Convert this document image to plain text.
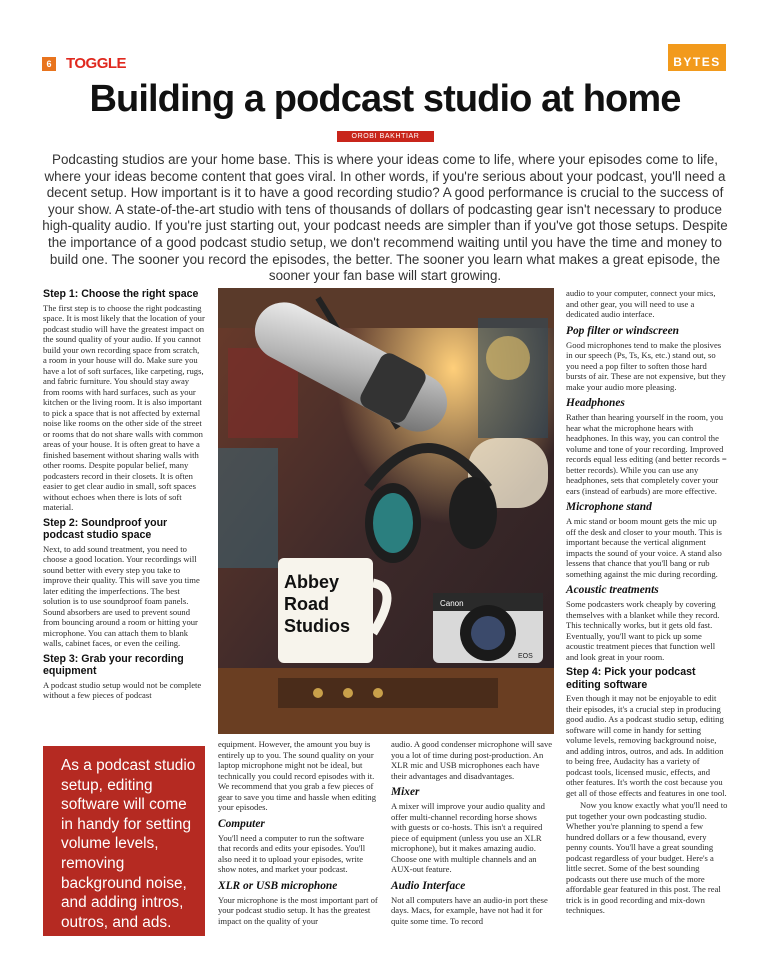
6 TOGGLE	BYTES
Building a podcast studio at home
OROBI BAKHTIAR

Podcasting studios are your home base. This is where your ideas come to life, where your episodes come to life, where your ideas become content that goes viral. In other words, if you're serious about your podcast, you'll need a decent setup. How important is it to have a good recording studio? A good performance is crucial to the success of your show. A state-of-the-art studio with tens of thousands of dollars of podcasting gear isn't necessary to produce high-quality audio. If you're just starting out, your podcast needs are simpler than if you've got those setups. Despite the importance of a good podcast studio setup, we don't recommend waiting until you have the time and money to build one. The sooner you record the episodes, the better. The sooner you learn what makes a great episode, the sooner your fan base will start growing.

Step 1: Choose the right space

The first step is to choose the right podcasting space. It is most likely that the location of your podcast studio will have the greatest impact on the sound quality of your audio. If you cannot build your own recording space from scratch, a room in your house will do. Make sure you have a lot of soft surfaces, like carpeting, rugs, and fabric furniture. You should stay away from rooms with hard surfaces, such as your kitchen or the living room. It is also important to pick a space that is not affected by external noise like rooms on the other side of the street or rooms that do not share walls with common areas of your house. It is often great to have a finished basement without sharing walls with other rooms. Despite popular belief, many podcasters record in their closets. It is often easier to get clear audio in small, soft spaces without echoes when there is lots of soft material.

Step 2: Soundproof your podcast studio space

Next, to add sound treatment, you need to choose a good location. Your recordings will sound better with every step you take to improve their quality. This will save you time later editing the imperfections. The best solution is to use soundproof foam panels. Sound absorbers are used to prevent sound from bouncing around a room or hitting your microphone. You can attach them to blank walls, cabinet faces, or even the ceiling.

Step 3: Grab your recording equipment

A podcast studio setup would not be complete without a few pieces of podcast

Abbey
Road
Studios
Canon
EOS

equipment. However, the amount you buy is entirely up to you. The sound quality on your laptop microphone might not be ideal, but technically you could record episodes with it. We recommend that you grab a few pieces of gear to save you time and hassle when editing your episodes.

Computer

You'll need a computer to run the software that records and edits your episodes. You'll also need it to upload your episodes, write show notes, and market your podcast.

XLR or USB microphone

Your microphone is the most important part of your podcast studio setup. It has the greatest impact on the quality of your

audio. A good condenser microphone will save you a lot of time during post-production. An XLR mic and USB microphones each have their advantages and disadvantages.

Mixer

A mixer will improve your audio quality and offer multi-channel recording horse shows with guests or co-hosts. This isn't a required piece of equipment (unless you use an XLR microphone), but it makes amazing audio. Choose one with multiple channels and an AUX-out feature.

Audio Interface

Not all computers have an audio-in port these days. Macs, for example, have not had it for quite some time. To record

audio to your computer, connect your mics, and other gear, you will need to use a dedicated audio interface.

Pop filter or windscreen

Good microphones tend to make the plosives in our speech (Ps, Ts, Ks, etc.) stand out, so you need a pop filter to soften those hard bursts of air. These are not expensive, but they make your audio more pleasing.

Headphones

Rather than hearing yourself in the room, you hear what the microphone hears with headphones. In this way, you can control the volume and tone of your recording. Improved records equal less editing (and better records = better records). While you can use any headphones, sets that completely cover your ears (instead of earbuds) are more effective.

Microphone stand

A mic stand or boom mount gets the mic up off the desk and closer to your mouth. This is important because the vertical alignment impacts the sound of your voice. A stand also lessens that chance that you'll bang or rub something against the mic during recording.

Acoustic treatments

Some podcasters work cheaply by covering themselves with a blanket while they record. This technically works, but it gets old fast. Eventually, you'll want to pick up some acoustic treatment pieces that function well and look great in your room.

Step 4: Pick your podcast editing software

Even though it may not be enjoyable to edit their episodes, it's a crucial step in producing good audio. As a podcast studio setup, editing software will come in handy for setting volume levels, removing background noise, and adding intros, outros, and ads. In addition to being free, Audacity has a variety of podcast tools, licensed music, effects, and other features. It's worth the cost because you get all of those effects and features in one tool.

Now you know exactly what you'll need to put together your own podcasting studio. Whether you're planning to spend a few hundred dollars or a few thousand, every penny counts. You'll have a great sounding podcast regardless of your budget. Here's a little secret. Some of the best sounding podcasts out there use much of the more affordable gear featured in this post. The real trick is in good recording and mix-down techniques.

As a podcast studio setup, editing software will come in handy for setting volume levels, removing background noise, and adding intros, outros, and ads.
